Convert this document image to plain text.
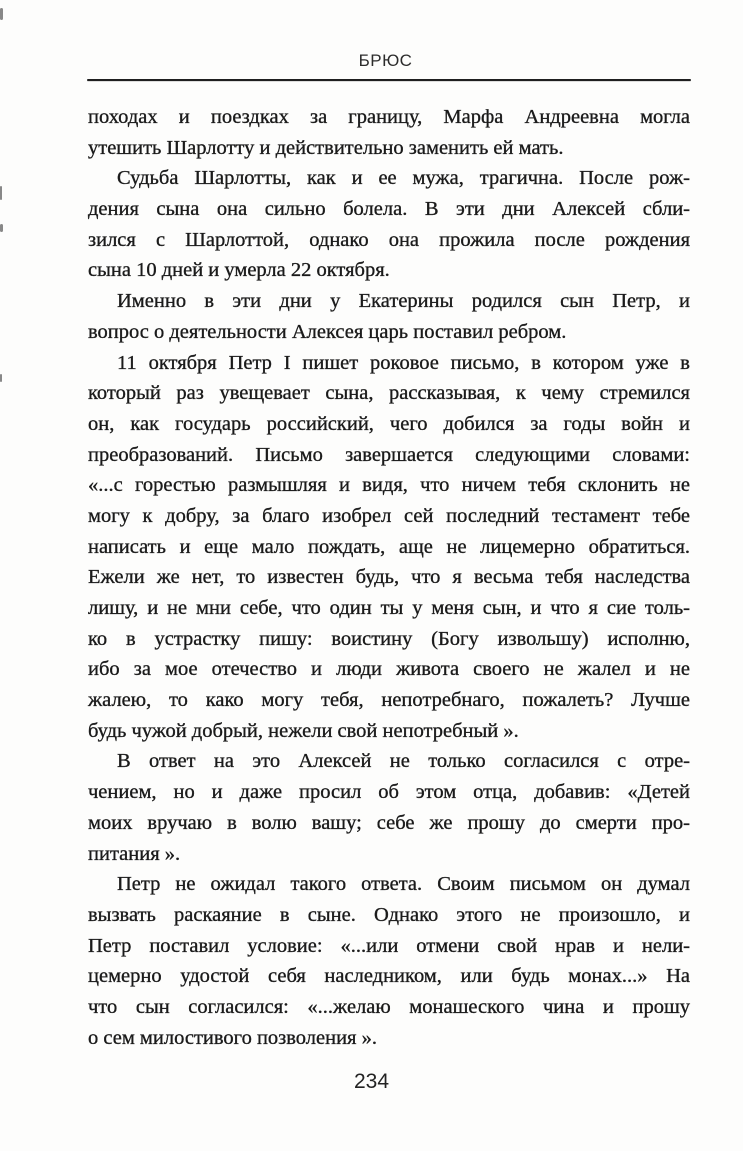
БРЮС
походах и поездках за границу, Марфа Андреевна могла
утешить Шарлотту и действительно заменить ей мать.
Судьба Шарлотты, как и ее мужа, трагична. После рож-
дения сына она сильно болела. В эти дни Алексей сбли-
зился с Шарлоттой, однако она прожила после рождения
сына 10 дней и умерла 22 октября.
Именно в эти дни у Екатерины родился сын Петр, и
вопрос о деятельности Алексея царь поставил ребром.
11 октября Петр I пишет роковое письмо, в котором уже в
который раз увещевает сына, рассказывая, к чему стремился
он, как государь российский, чего добился за годы войн и
преобразований. Письмо завершается следующими словами:
«...с горестью размышляя и видя, что ничем тебя склонить не
могу к добру, за благо изобрел сей последний тестамент тебе
написать и еще мало пождать, аще не лицемерно обратиться.
Ежели же нет, то известен будь, что я весьма тебя наследства
лишу, и не мни себе, что один ты у меня сын, и что я сие толь-
ко в устрастку пишу: воистину (Богу извольшу) исполню,
ибо за мое отечество и люди живота своего не жалел и не
жалею, то како могу тебя, непотребнаго, пожалеть? Лучше
будь чужой добрый, нежели свой непотребный ».
В ответ на это Алексей не только согласился с отре-
чением, но и даже просил об этом отца, добавив: «Детей
моих вручаю в волю вашу; себе же прошу до смерти про-
питания ».
Петр не ожидал такого ответа. Своим письмом он думал
вызвать раскаяние в сыне. Однако этого не произошло, и
Петр поставил условие: «...или отмени свой нрав и нели-
цемерно удостой себя наследником, или будь монах...» На
что сын согласился: «...желаю монашеского чина и прошу
о сем милостивого позволения ».
234
